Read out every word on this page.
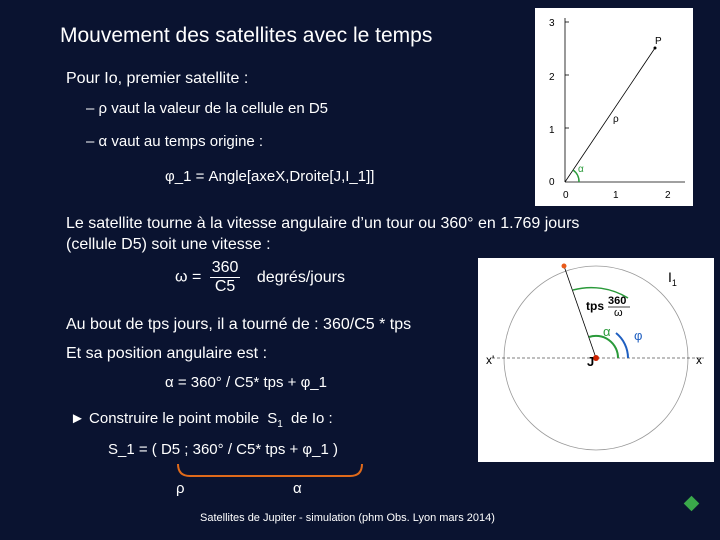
Mouvement des satellites avec le temps
Pour Io, premier satellite :
– ρ vaut la valeur de la cellule en D5
– α vaut au temps origine :
φ_1 = Angle[axeX,Droite[J,I_1]]	0
1
2
3
0	1	2
P
ρ
α
Le satellite tourne à la vitesse angulaire d’un tour ou 360° en 1.769 jours
(cellule D5) soit une vitesse :
$\omega = \frac{360}{C5}$ degrés/jours
Au bout de tps jours, il a tourné de : 360/C5 * tps
Et sa position angulaire est :
α = 360° / C5* tps + φ_1
$I_1$
tps 360
ω
α φ
J
x'	x
► Construire le point mobile $S_1$ de Io :
S_1 = ( D5 ; 360° / C5* tps + φ_1 )
ρ	α
Satellites de Jupiter - simulation (phm Obs. Lyon mars 2014)
